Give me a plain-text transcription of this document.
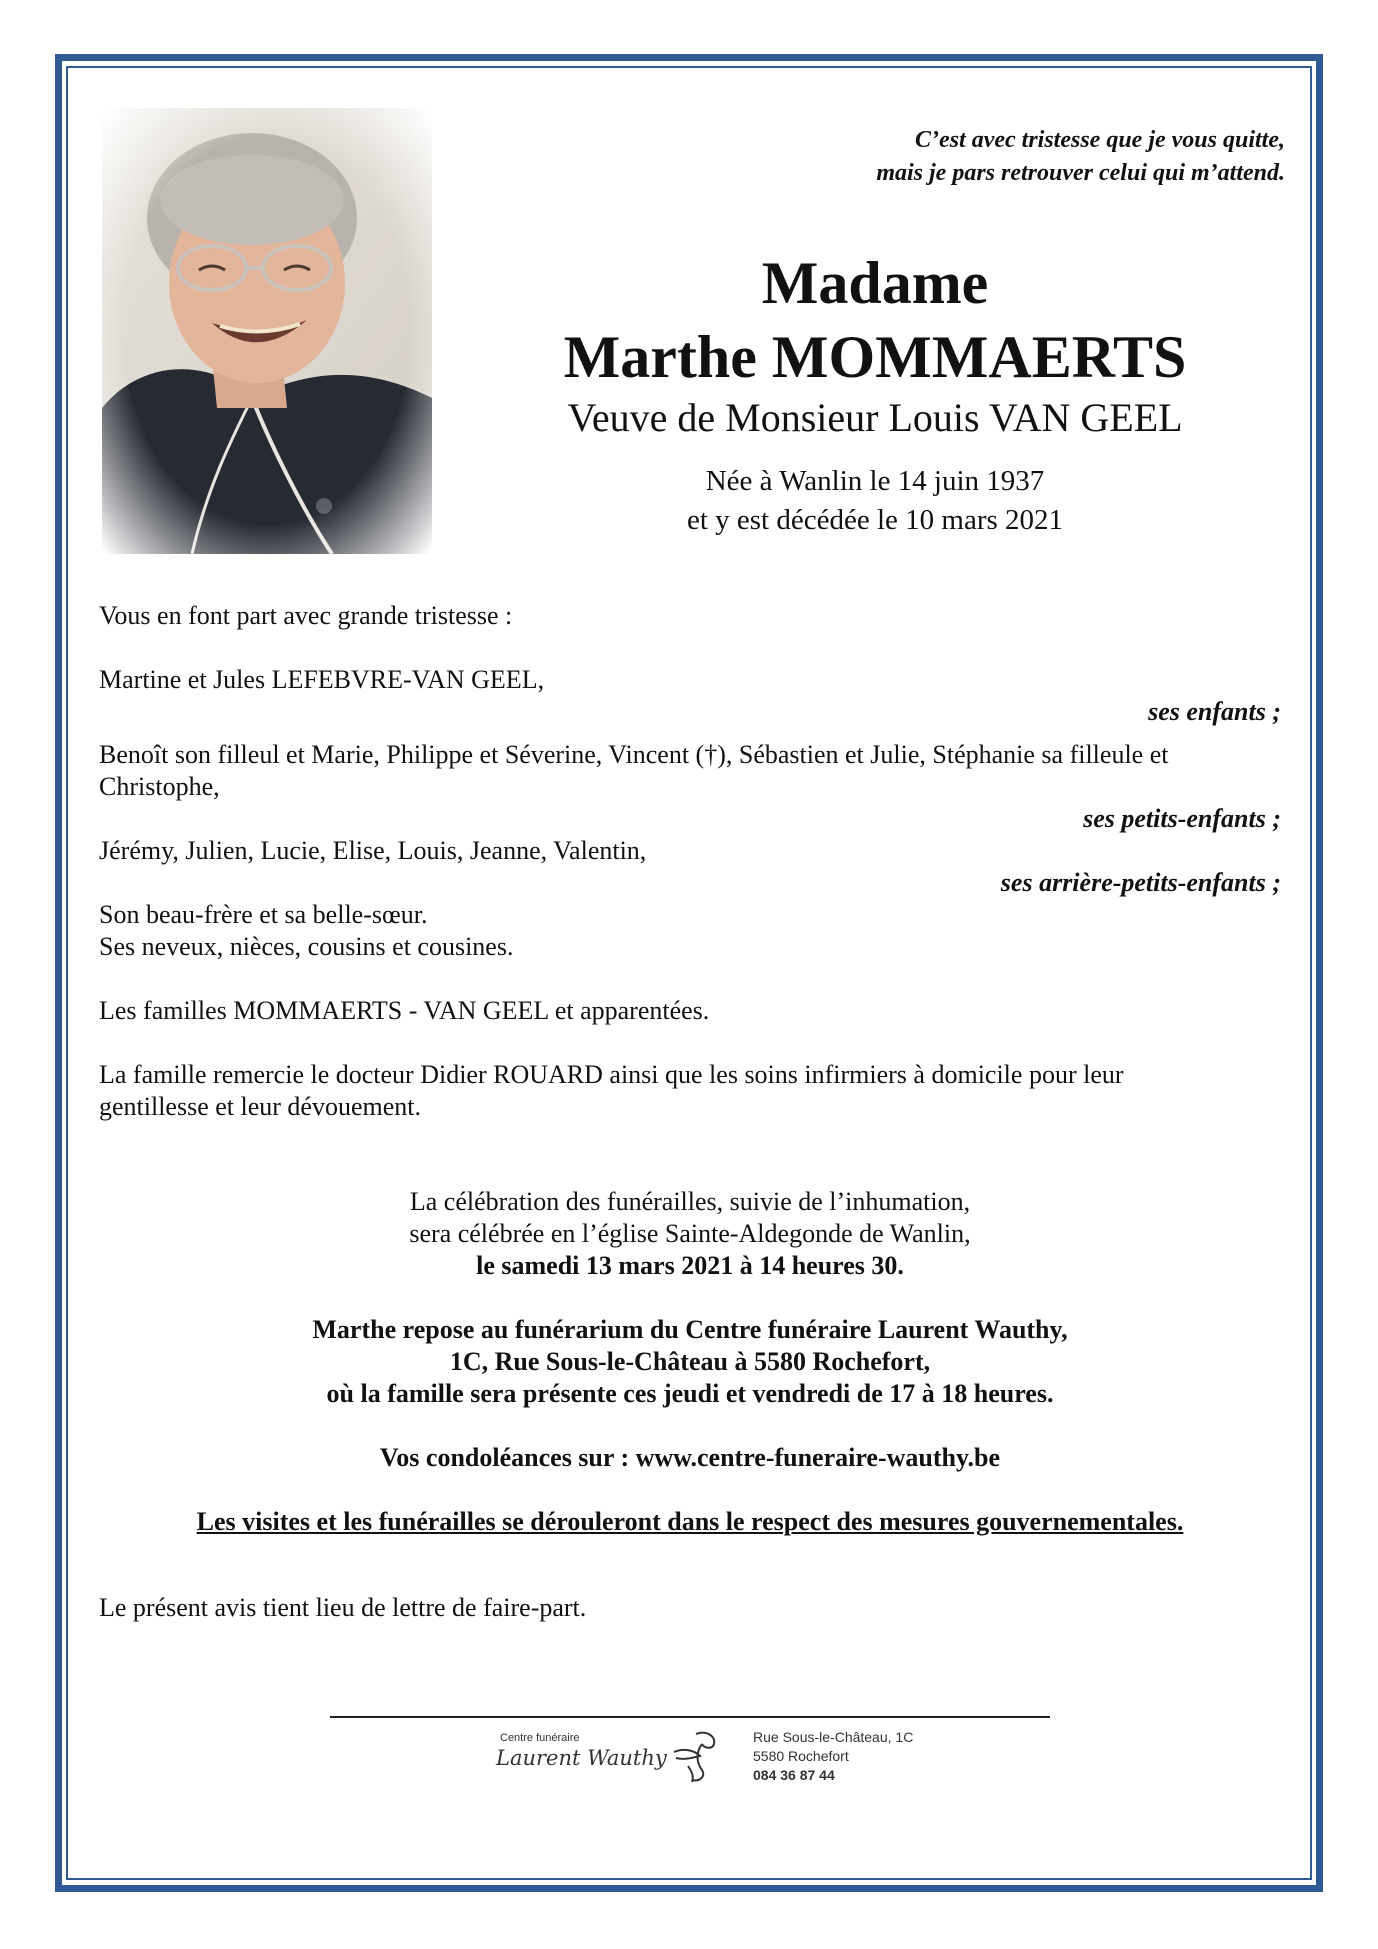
C’est avec tristesse que je vous quitte,
mais je pars retrouver celui qui m’attend.
Madame
Marthe MOMMAERTS
Veuve de Monsieur Louis VAN GEEL
Née à Wanlin le 14 juin 1937
et y est décédée le 10 mars 2021
Vous en font part avec grande tristesse :
Martine et Jules LEFEBVRE-VAN GEEL,
ses enfants ;
Benoît son filleul et Marie, Philippe et Séverine, Vincent (†), Sébastien et Julie, Stéphanie sa filleule et Christophe,
ses petits-enfants ;
Jérémy, Julien, Lucie, Elise, Louis, Jeanne, Valentin,
ses arrière-petits-enfants ;
Son beau-frère et sa belle-sœur.
Ses neveux, nièces, cousins et cousines.
Les familles MOMMAERTS - VAN GEEL et apparentées.
La famille remercie le docteur Didier ROUARD ainsi que les soins infirmiers à domicile pour leur gentillesse et leur dévouement.
La célébration des funérailles, suivie de l’inhumation,
sera célébrée en l’église Sainte-Aldegonde de Wanlin,
le samedi 13 mars 2021 à 14 heures 30.
Marthe repose au funérarium du Centre funéraire Laurent Wauthy,
1C, Rue Sous-le-Château à 5580 Rochefort,
où la famille sera présente ces jeudi et vendredi de 17 à 18 heures.
Vos condoléances sur : www.centre-funeraire-wauthy.be
Les visites et les funérailles se dérouleront dans le respect des mesures gouvernementales.
Le présent avis tient lieu de lettre de faire-part.
Centre funéraire
Laurent Wauthy
Rue Sous-le-Château, 1C
5580 Rochefort
084 36 87 44
